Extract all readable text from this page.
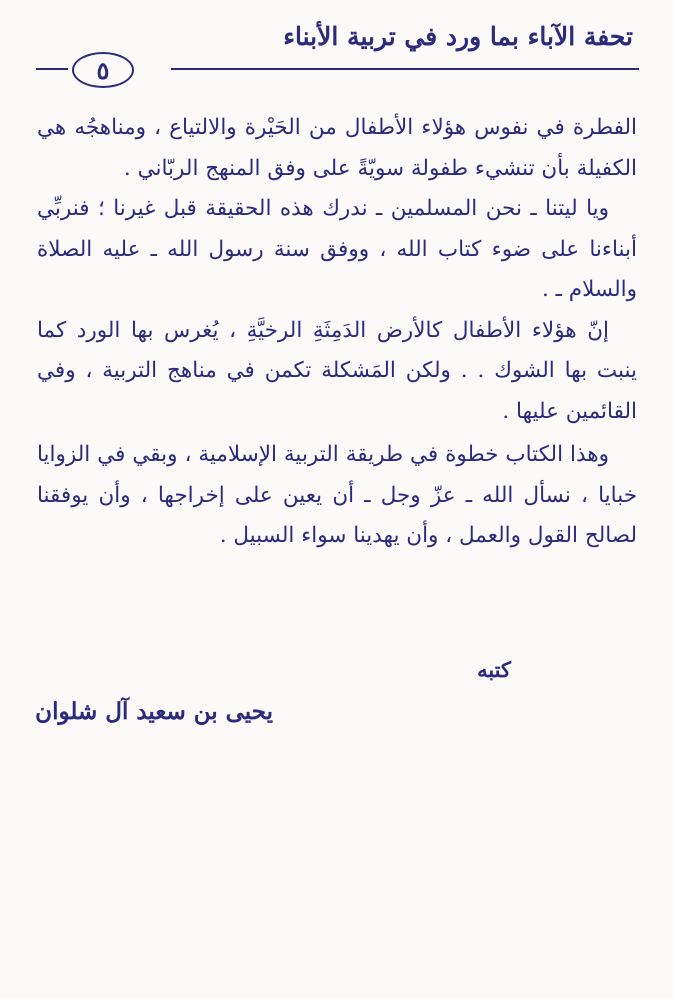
تحفة الآباء بما ورد في تربية الأبناء
٥

الفطرة في نفوس هؤلاء الأطفال من الحَيْرة والالتياع ، ومناهجُه هي الكفيلة بأن تنشيء طفولة سويّةً على وفق المنهج الربّاني .

ويا ليتنا ـ نحن المسلمين ـ ندرك هذه الحقيقة قبل غيرنا ؛ فنربِّي أبناءنا على ضوء كتاب الله ، ووفق سنة رسول الله ـ عليه الصلاة والسلام ـ .

إنّ هؤلاء الأطفال كالأرض الدَمِثَةِ الرخيَّةِ ، يُغرس بها الورد كما ينبت بها الشوك . . ولكن المَشكلة تكمن في مناهج التربية ، وفي القائمين عليها .

وهذا الكتاب خطوة في طريقة التربية الإسلامية ، وبقي في الزوايا خبايا ، نسأل الله ـ عزّ وجل ـ أن يعين على إخراجها ، وأن يوفقنا لصالح القول والعمل ، وأن يهدينا سواء السبيل .

كتبه
يحيى بن سعيد آل شلوان
